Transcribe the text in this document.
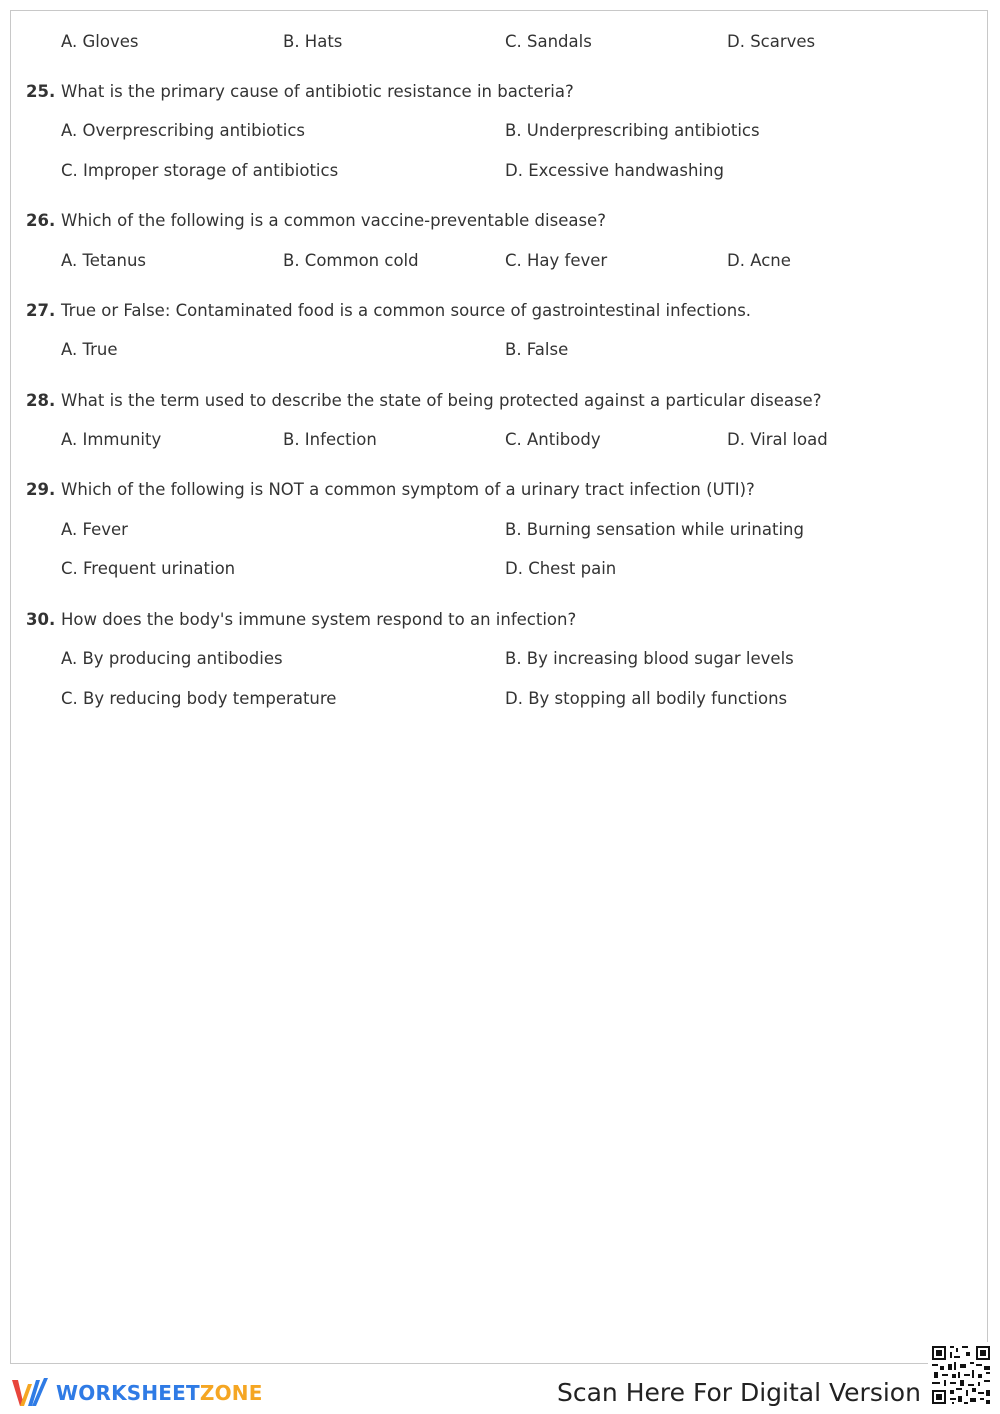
A. Gloves	B. Hats	C. Sandals	D. Scarves
25. What is the primary cause of antibiotic resistance in bacteria?
A. Overprescribing antibiotics	B. Underprescribing antibiotics
C. Improper storage of antibiotics	D. Excessive handwashing
26. Which of the following is a common vaccine-preventable disease?
A. Tetanus	B. Common cold	C. Hay fever	D. Acne
27. True or False: Contaminated food is a common source of gastrointestinal infections.
A. True	B. False
28. What is the term used to describe the state of being protected against a particular disease?
A. Immunity	B. Infection	C. Antibody	D. Viral load
29. Which of the following is NOT a common symptom of a urinary tract infection (UTI)?
A. Fever	B. Burning sensation while urinating
C. Frequent urination	D. Chest pain
30. How does the body's immune system respond to an infection?
A. By producing antibodies	B. By increasing blood sugar levels
C. By reducing body temperature	D. By stopping all bodily functions
WORKSHEETZONE	Scan Here For Digital Version
